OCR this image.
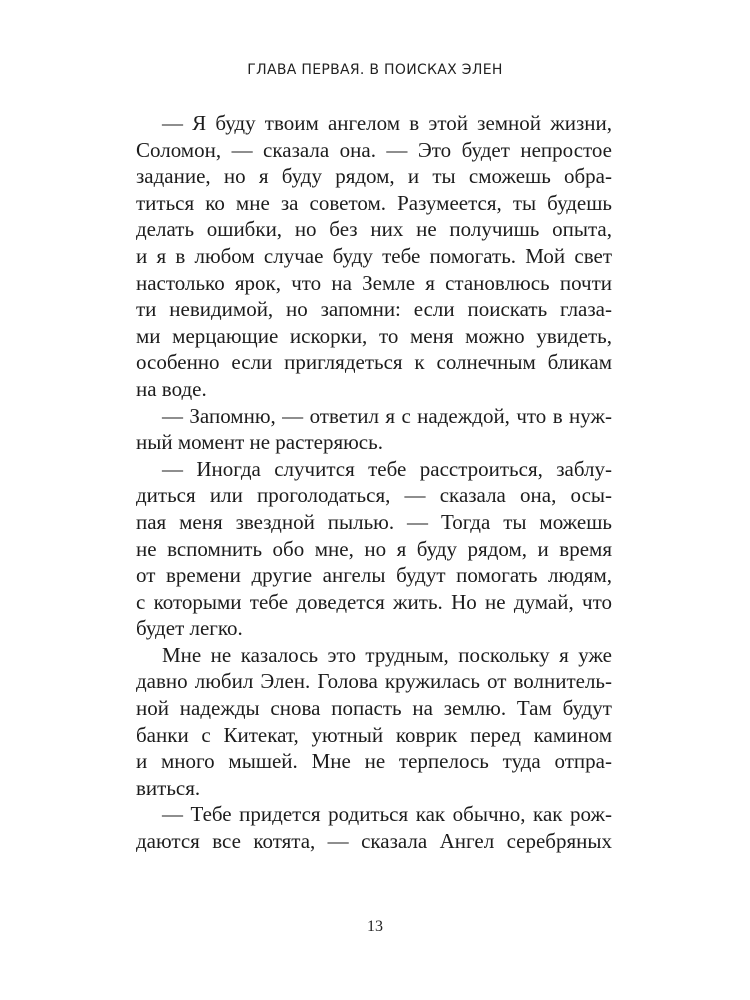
ГЛАВА ПЕРВАЯ. В ПОИСКАХ ЭЛЕН
— Я буду твоим ангелом в этой земной жизни,
Соломон, — сказала она. — Это будет непростое
задание, но я буду рядом, и ты сможешь обра-
титься ко мне за советом. Разумеется, ты будешь
делать ошибки, но без них не получишь опыта,
и я в любом случае буду тебе помогать. Мой свет
настолько ярок, что на Земле я становлюсь почти
ти невидимой, но запомни: если поискать глаза-
ми мерцающие искорки, то меня можно увидеть,
особенно если приглядеться к солнечным бликам
на воде.
— Запомню, — ответил я с надеждой, что в нуж-
ный момент не растеряюсь.
— Иногда случится тебе расстроиться, заблу-
диться или проголодаться, — сказала она, осы-
пая меня звездной пылью. — Тогда ты можешь
не вспомнить обо мне, но я буду рядом, и время
от времени другие ангелы будут помогать людям,
с которыми тебе доведется жить. Но не думай, что
будет легко.
Мне не казалось это трудным, поскольку я уже
давно любил Элен. Голова кружилась от волнитель-
ной надежды снова попасть на землю. Там будут
банки с Китекат, уютный коврик перед камином
и много мышей. Мне не терпелось туда отпра-
виться.
— Тебе придется родиться как обычно, как рож-
даются все котята, — сказала Ангел серебряных
13
